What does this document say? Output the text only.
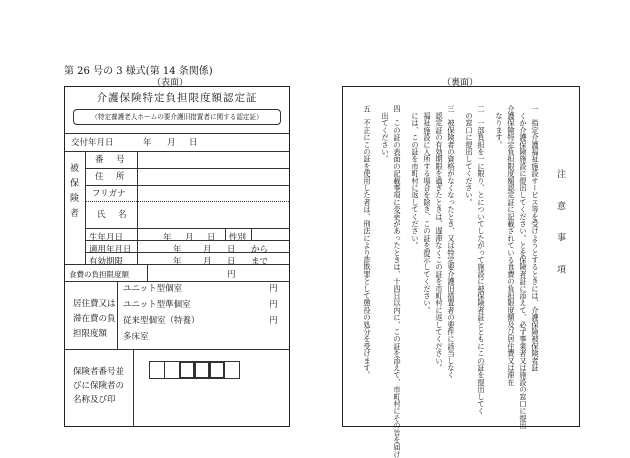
第 26 号の 3 様式(第 14 条関係)
（表面）	（裏面）
介護保険特定負担限度額認定証
（特定養護老人ホームの要介護旧措置者に関する認定証）
交付年月日	年 月 日
被保険者
番　号
住　所
フリガナ
氏　名
生年月日	年 月 日 性別
適用年月日	年	月 日 から
有効期限	年	月 日 まで
食費の負担限度額	円
居住費又は滞在費の負担限度額
ユニット型個室	円
ユニット型準個室	円
従来型個室（特養）	円
多床室
保険者番号並びに保険者の名称及び印
注 意 事 項
一　指定介護福祉施設サービス等を受けようとするときには、介護保険被保険者証
　くか介護保険施設に提出してください。とを保険者証に添えて、必ず事業者又は施設の窓口に提出
介護保険特定負担限度額認定証に記載されている食費の負担限度額及び居住費又は滞在
　なります。
二　一部負担を一に限り、とについてしたがって施設に被保険者証とともにこの証を提出してく
　の窓口に提出してください。
三　被保険者の資格がなくなったとき、又は特定要介護旧措置者の要件に該当しなく
　認定証の有効期限を過ぎたときは、遅滞なくこの証を市町村に返してください。
　福祉施設に入所する場合を除き、この証を提示してください。
　には、この証を市町村に返してください。
四　この証の表面の記載事項に変更があったときは、十四日以内に、この証を添えて、市町村にその旨を届け
　出てください。
五　不正にこの証を使用した者は、刑法により詐欺罪として懲役の処分を受けます。
